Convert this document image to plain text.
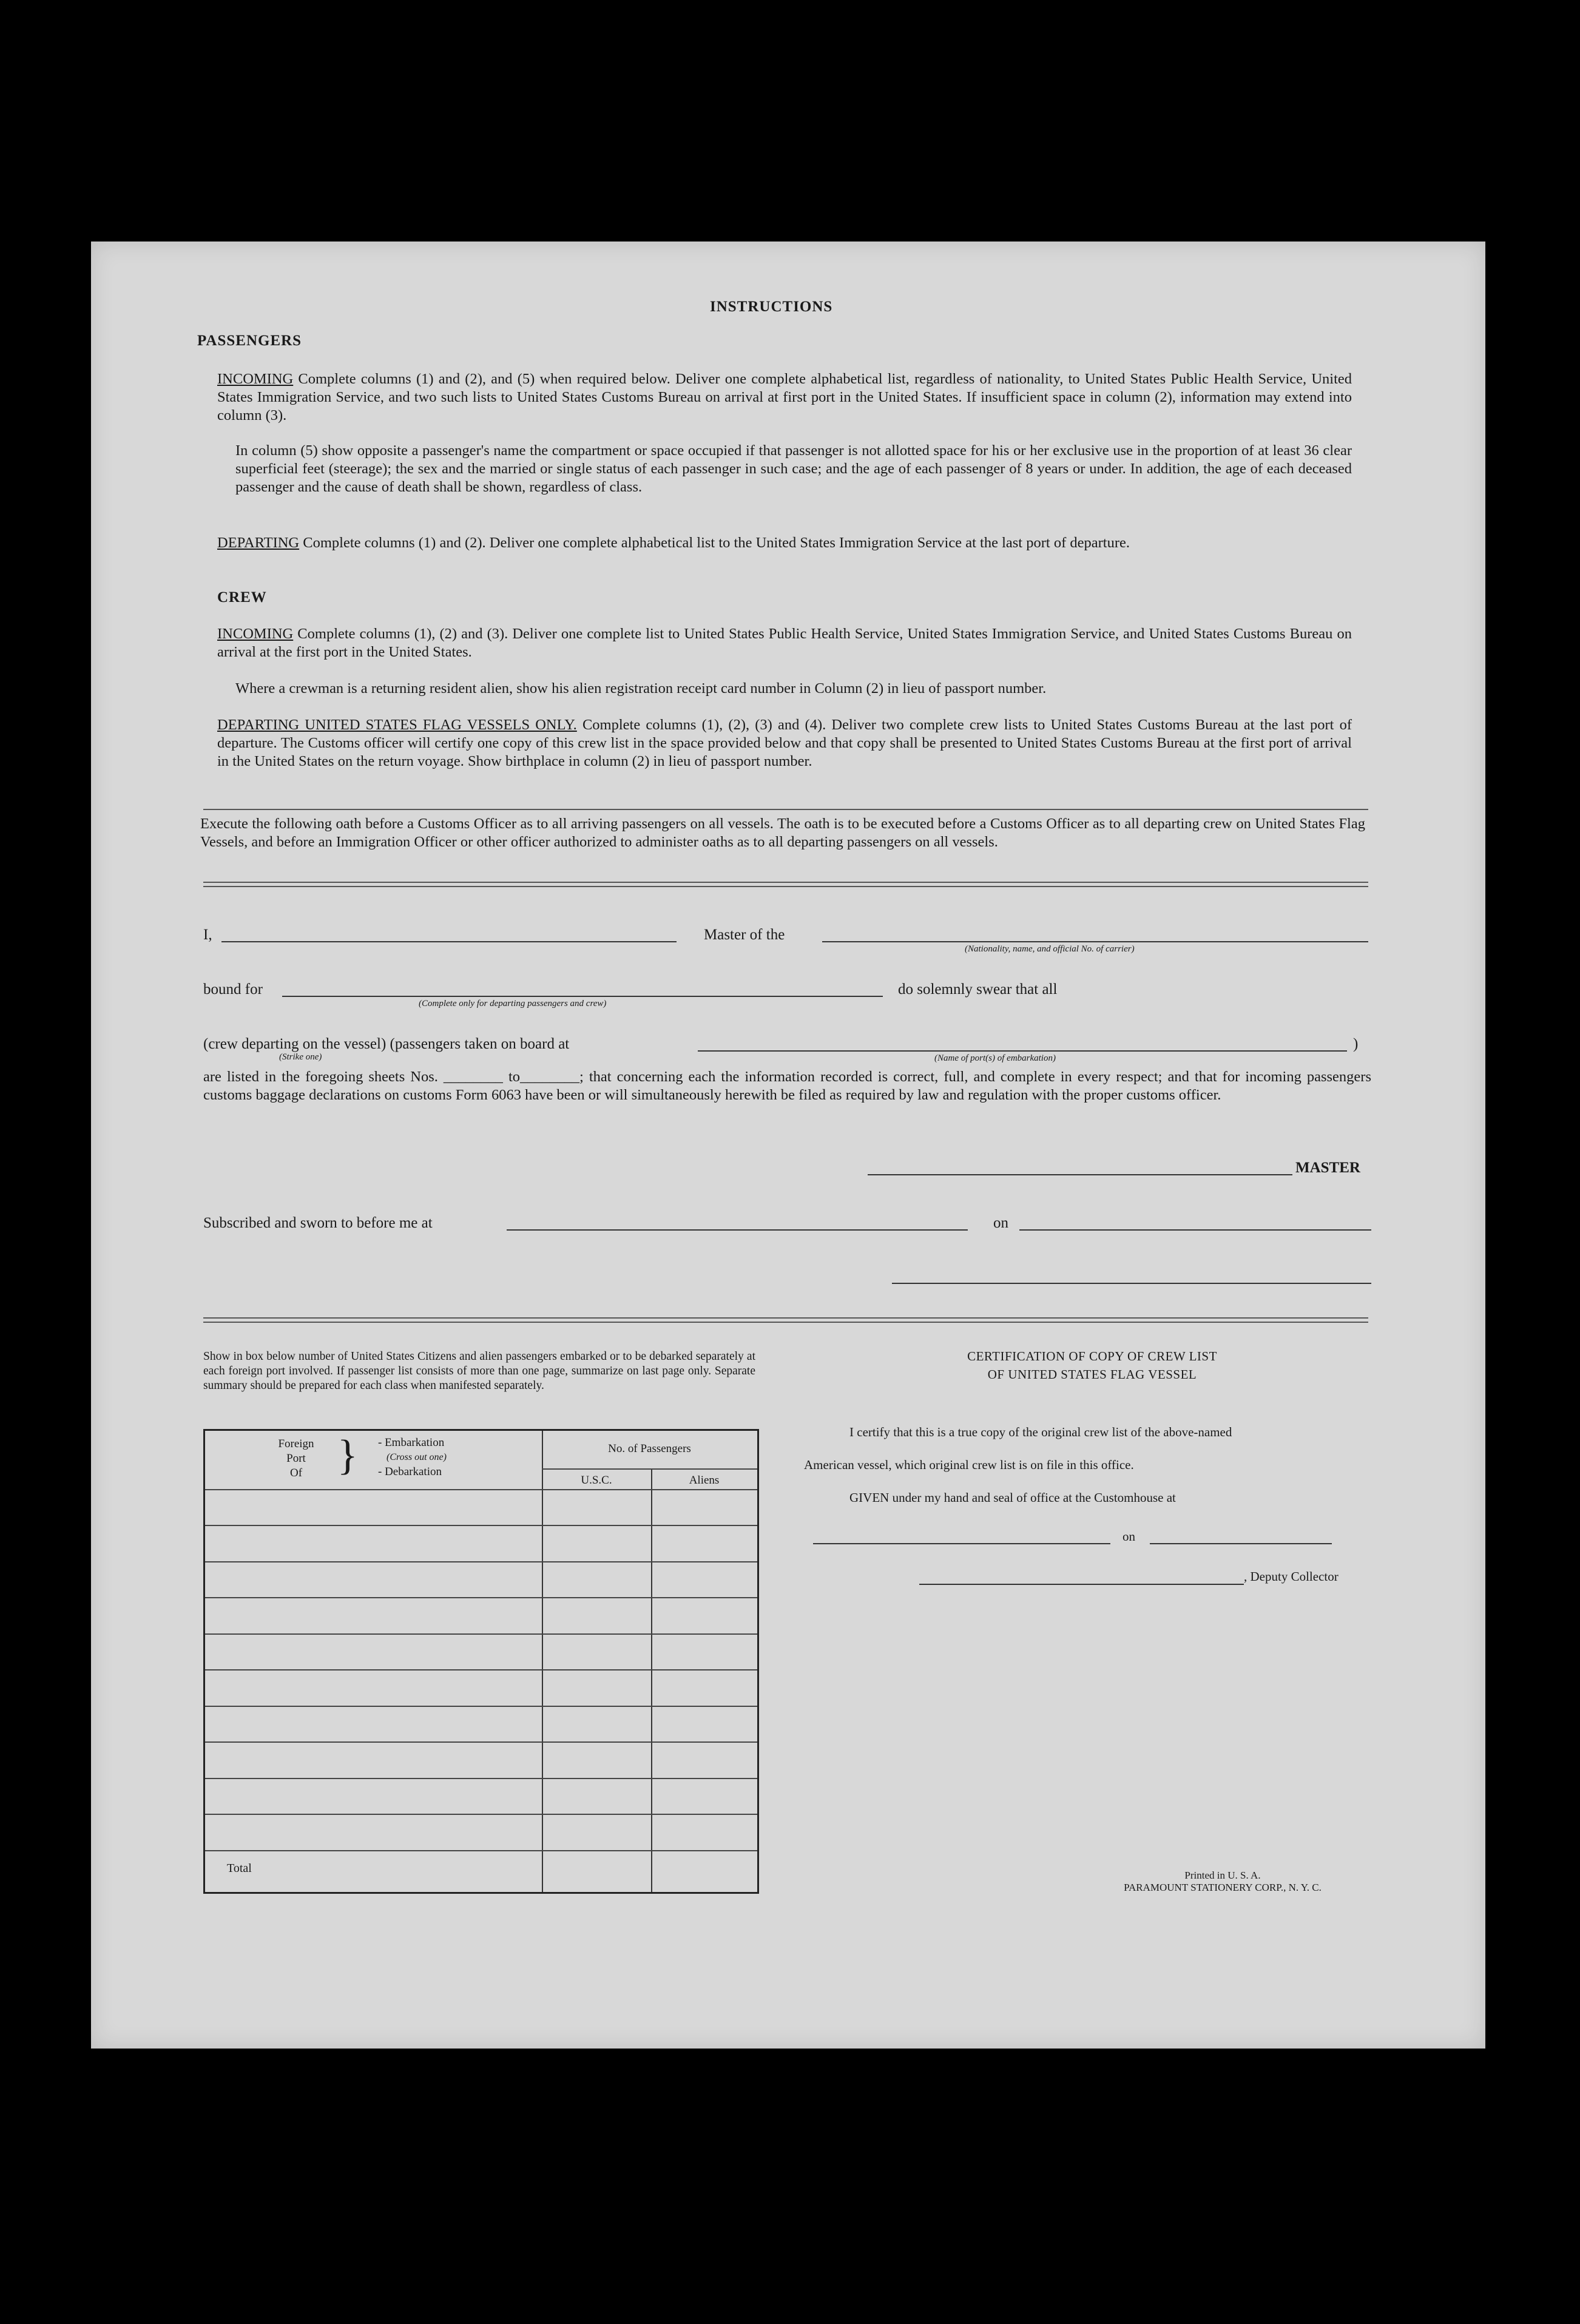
INSTRUCTIONS
PASSENGERS
INCOMING Complete columns (1) and (2), and (5) when required below. Deliver one complete alphabetical list, regardless of nationality, to United States Public Health Service, United States Immigration Service, and two such lists to United States Customs Bureau on arrival at first port in the United States. If insufficient space in column (2), information may extend into column (3).
In column (5) show opposite a passenger's name the compartment or space occupied if that passenger is not allotted space for his or her exclusive use in the proportion of at least 36 clear superficial feet (steerage); the sex and the married or single status of each passenger in such case; and the age of each passenger of 8 years or under. In addition, the age of each deceased passenger and the cause of death shall be shown, regardless of class.
DEPARTING Complete columns (1) and (2). Deliver one complete alphabetical list to the United States Immigration Service at the last port of departure.
CREW
INCOMING Complete columns (1), (2) and (3). Deliver one complete list to United States Public Health Service, United States Immigration Service, and United States Customs Bureau on arrival at the first port in the United States.
Where a crewman is a returning resident alien, show his alien registration receipt card number in Column (2) in lieu of passport number.
DEPARTING UNITED STATES FLAG VESSELS ONLY. Complete columns (1), (2), (3) and (4). Deliver two complete crew lists to United States Customs Bureau at the last port of departure. The Customs officer will certify one copy of this crew list in the space provided below and that copy shall be presented to United States Customs Bureau at the first port of arrival in the United States on the return voyage. Show birthplace in column (2) in lieu of passport number.
Execute the following oath before a Customs Officer as to all arriving passengers on all vessels. The oath is to be executed before a Customs Officer as to all departing crew on United States Flag Vessels, and before an Immigration Officer or other officer authorized to administer oaths as to all departing passengers on all vessels.
I,	Master of the
(Nationality, name, and official No. of carrier)
bound for
(Complete only for departing passengers and crew)
do solemnly swear that all
(crew departing on the vessel) (passengers taken on board at
(Strike one)	(Name of port(s) of embarkation)
)
are listed in the foregoing sheets Nos. ________ to________; that concerning each the information recorded is correct, full, and complete in every respect; and that for incoming passengers customs baggage declarations on customs Form 6063 have been or will simultaneously herewith be filed as required by law and regulation with the proper customs officer.
MASTER
Subscribed and sworn to before me at	on
Show in box below number of United States Citizens and alien passengers embarked or to be debarked separately at each foreign port involved. If passenger list consists of more than one page, summarize on last page only. Separate summary should be prepared for each class when manifested separately.
Foreign
Port
Of } - Embarkation
(Cross out one)
- Debarkation
No. of Passengers
U.S.C.	Aliens
Total
CERTIFICATION OF COPY OF CREW LIST
OF UNITED STATES FLAG VESSEL
I certify that this is a true copy of the original crew list of the above-named
American vessel, which original crew list is on file in this office.
GIVEN under my hand and seal of office at the Customhouse at
on
, Deputy Collector
Printed in U. S. A.
PARAMOUNT STATIONERY CORP., N. Y. C.
